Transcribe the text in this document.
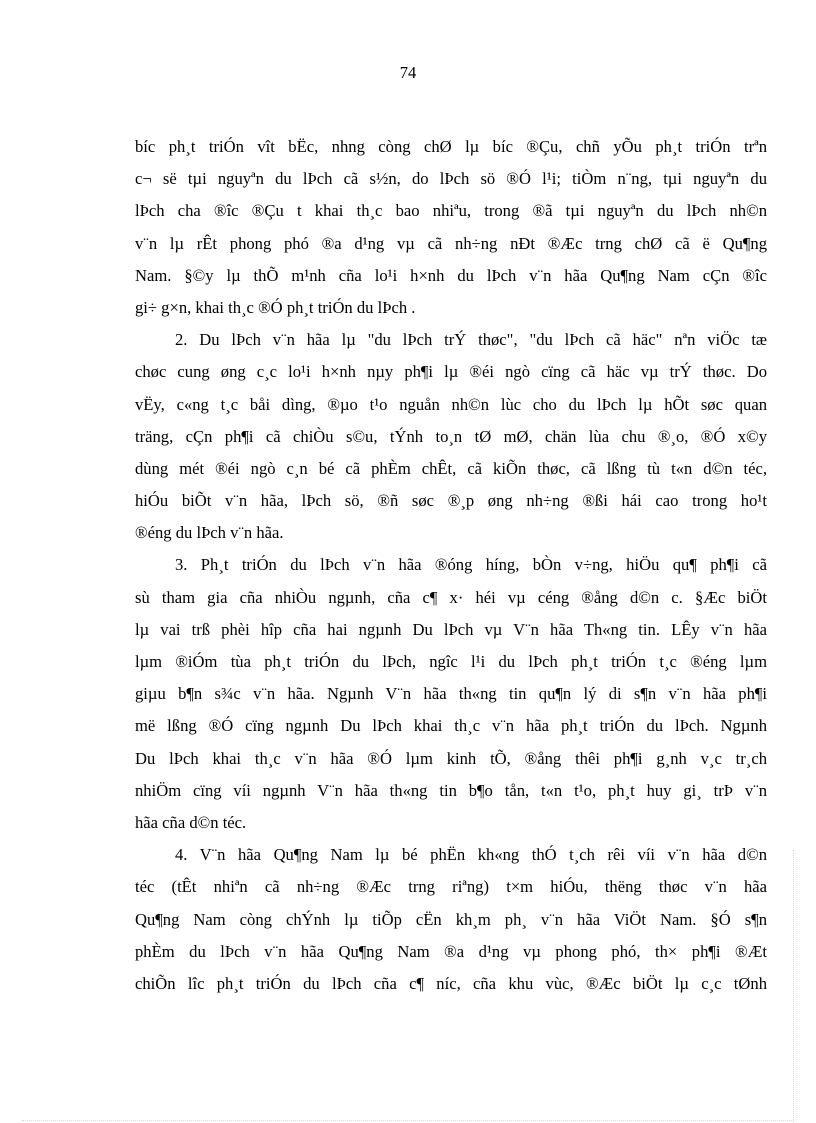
74

bíc ph¸t triÓn vît bËc, nhng còng chØ lµ bíc ®Çu, chñ yÕu ph¸t triÓn trªn
c¬ së tµi nguyªn du lÞch cã s½n, do lÞch sö ®Ó l¹i; tiÒm n¨ng, tµi nguyªn du
lÞch cha ®îc ®Çu t khai th¸c bao nhiªu, trong ®ã tµi nguyªn du lÞch nh©n
v¨n lµ rÊt phong phó ®a d¹ng vµ cã nh÷ng nÐt ®Æc trng chØ cã ë Qu¶ng
Nam. §©y lµ thÕ m¹nh cña lo¹i h×nh du lÞch v¨n hãa Qu¶ng Nam cÇn ®îc
gi÷ g×n, khai th¸c ®Ó ph¸t triÓn du lÞch .

2. Du lÞch v¨n hãa lµ "du lÞch trÝ thøc", "du lÞch cã häc" nªn viÖc tæ
chøc cung øng c¸c lo¹i h×nh nµy ph¶i lµ ®éi ngò cïng cã häc vµ trÝ thøc. Do
vËy, c«ng t¸c båi dìng, ®µo t¹o nguån nh©n lùc cho du lÞch lµ hÕt søc quan
träng, cÇn ph¶i cã chiÒu s©u, tÝnh to¸n tØ mØ, chän lùa chu ®¸o, ®Ó x©y
dùng mét ®éi ngò c¸n bé cã phÈm chÊt, cã kiÕn thøc, cã lßng tù t«n d©n téc,
hiÓu biÕt v¨n hãa, lÞch sö, ®ñ søc ®¸p øng nh÷ng ®ßi hái cao trong ho¹t
®éng du lÞch v¨n hãa.

3. Ph¸t triÓn du lÞch v¨n hãa ®óng híng, bÒn v÷ng, hiÖu qu¶ ph¶i cã
sù tham gia cña nhiÒu ngµnh, cña c¶ x· héi vµ céng ®ång d©n c. §Æc biÖt
lµ vai trß phèi hîp cña hai ngµnh Du lÞch vµ V¨n hãa Th«ng tin. LÊy v¨n hãa
lµm ®iÓm tùa ph¸t triÓn du lÞch, ngîc l¹i du lÞch ph¸t triÓn t¸c ®éng lµm
giµu b¶n s¾c v¨n hãa. Ngµnh V¨n hãa th«ng tin qu¶n lý di s¶n v¨n hãa ph¶i
më lßng ®Ó cïng ngµnh Du lÞch khai th¸c v¨n hãa ph¸t triÓn du lÞch. Ngµnh
Du lÞch khai th¸c v¨n hãa ®Ó lµm kinh tÕ, ®ång thêi ph¶i g¸nh v¸c tr¸ch
nhiÖm cïng víi ngµnh V¨n hãa th«ng tin b¶o tån, t«n t¹o, ph¸t huy gi¸ trÞ v¨n
hãa cña d©n téc.

4. V¨n hãa Qu¶ng Nam lµ bé phËn kh«ng thÓ t¸ch rêi víi v¨n hãa d©n
téc (tÊt nhiªn cã nh÷ng ®Æc trng riªng) t×m hiÓu, thëng thøc v¨n hãa
Qu¶ng Nam còng chÝnh lµ tiÕp cËn kh¸m ph¸ v¨n hãa ViÖt Nam. §Ó s¶n
phÈm du lÞch v¨n hãa Qu¶ng Nam ®a d¹ng vµ phong phó, th× ph¶i ®Æt
chiÕn lîc ph¸t triÓn du lÞch cña c¶ níc, cña khu vùc, ®Æc biÖt lµ c¸c tØnh
